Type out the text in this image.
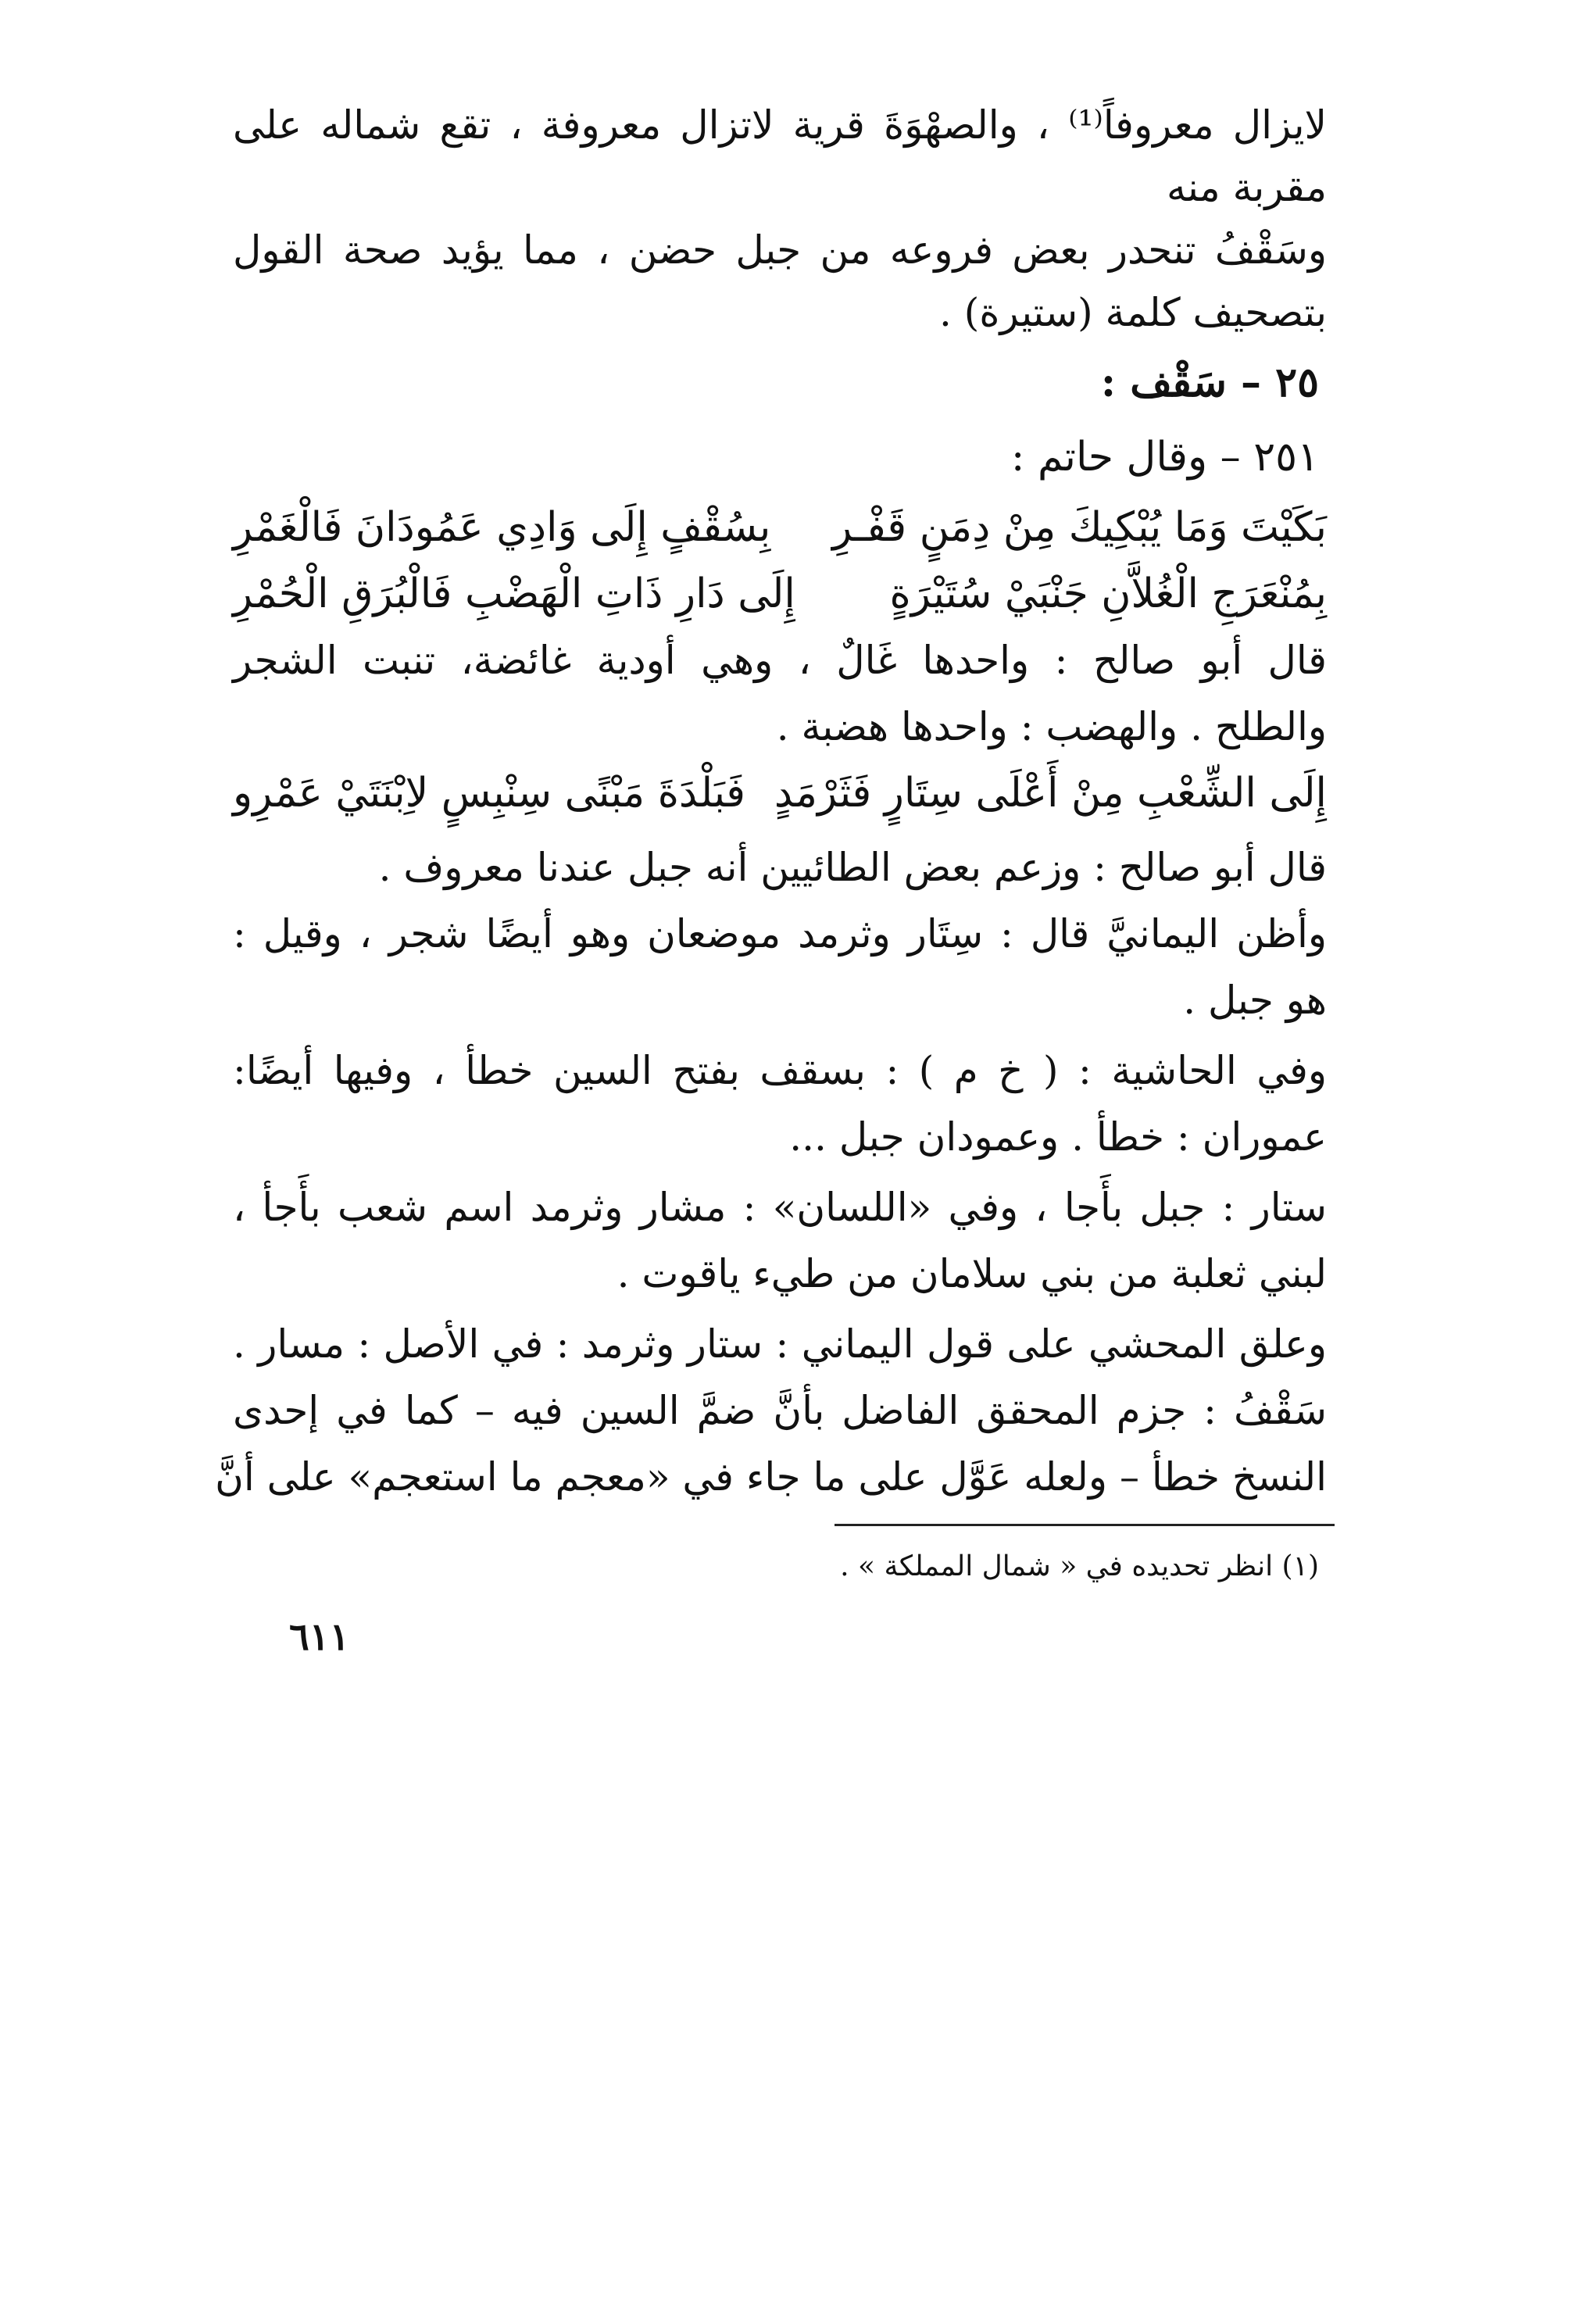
لايزال معروفاً⁽¹⁾ ، والصهْوَةَ قرية لاتزال معروفة ، تقع شماله على
مقربة منه
وسَقْفُ تنحدر بعض فروعه من جبل حضن ، مما يؤيد صحة القول
بتصحيف كلمة (ستيرة) .
٢٥ – سَقْف :
٢٥١ – وقال حاتم :
بَكَيْتَ وَمَا يُبْكِيكَ مِنْ دِمَنٍ قَفْـرِ
بِسُقْفٍ إِلَى وَادِي عَمُودَانَ فَالْغَمْرِ
بِمُنْعَرَجِ الْغُلاَّنِ جَنْبَيْ سُتَيْرَةٍ
إِلَى دَارِ ذَاتِ الْهَضْبِ فَالْبُرَقِ الْحُمْرِ
قال أبو صالح : واحدها غَالٌ ، وهي أودية غائضة، تنبت الشجر
والطلح . والهضب : واحدها هضبة .
إِلَى الشِّعْبِ مِنْ أَعْلَى سِتَارٍ فَثَرْمَدٍ
فَبَلْدَةَ مَبْنًى سِنْبِسٍ لاِبْنَتَيْ عَمْرِو
قال أبو صالح : وزعم بعض الطائيين أنه جبل عندنا معروف .
وأظن اليمانيَّ قال : سِتَار وثرمد موضعان وهو أيضًا شجر ، وقيل :
هو جبل .
وفي الحاشية : ( خ م ) : بسقف بفتح السين خطأ ، وفيها أيضًا:
عموران : خطأ . وعمودان جبل ...
ستار : جبل بأَجا ، وفي «اللسان» : مشار وثرمد اسم شعب بأَجأ ،
لبني ثعلبة من بني سلامان من طيء ياقوت .
وعلق المحشي على قول اليماني : ستار وثرمد : في الأصل : مسار .
سَقْفُ : جزم المحقق الفاضل بأنَّ ضمَّ السين فيه – كما في إحدى
النسخ خطأ – ولعله عَوَّل على ما جاء في «معجم ما استعجم» على أنَّ
(١) انظر تحديده في « شمال المملكة » .
٦١١
